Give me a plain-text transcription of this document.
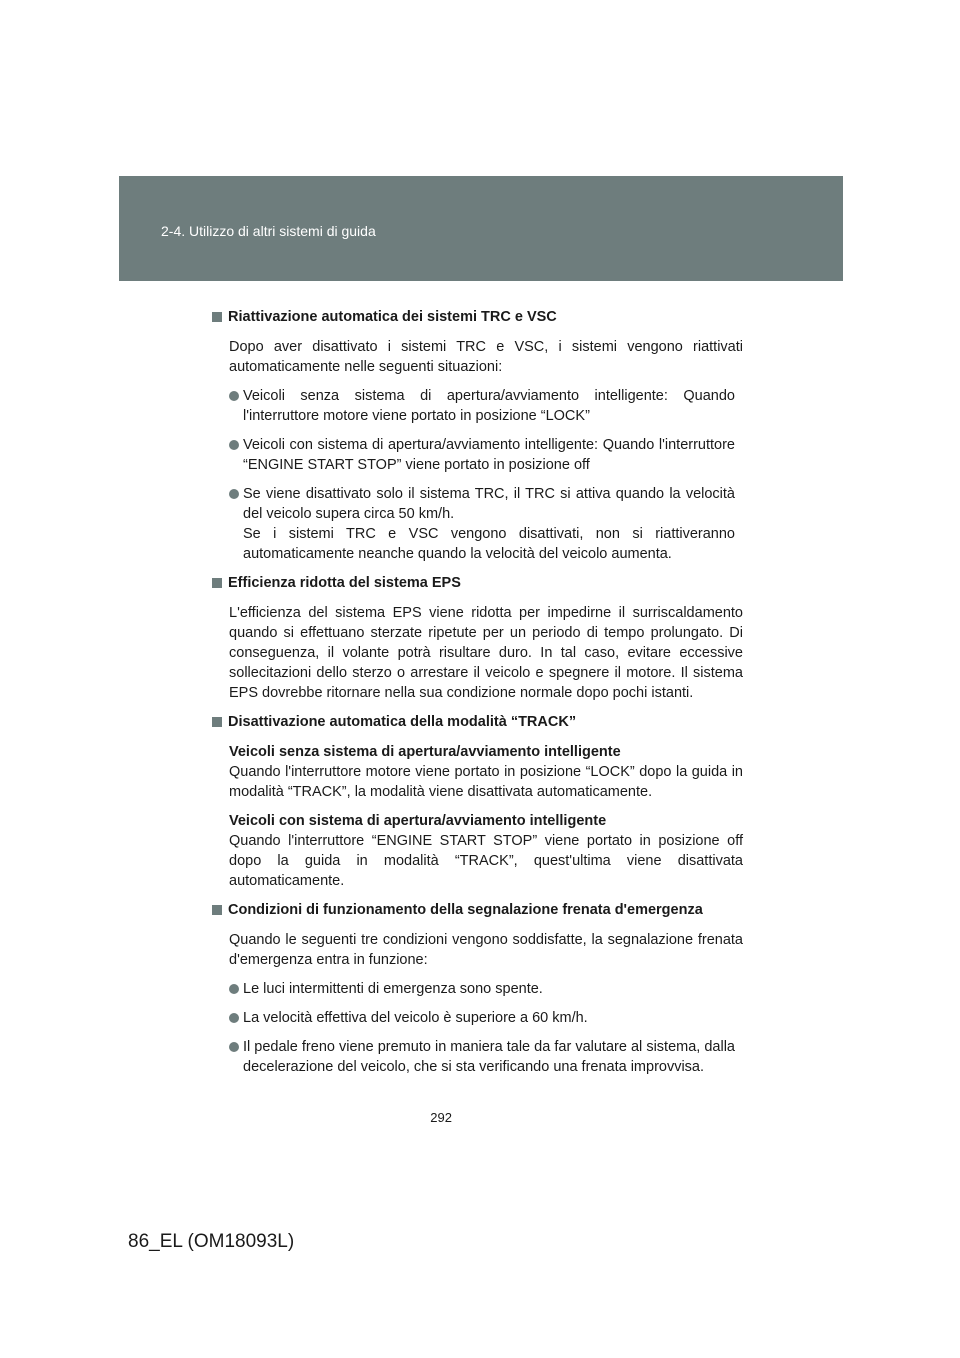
2-4. Utilizzo di altri sistemi di guida
Riattivazione automatica dei sistemi TRC e VSC
Dopo aver disattivato i sistemi TRC e VSC, i sistemi vengono riattivati automaticamente nelle seguenti situazioni:
Veicoli senza sistema di apertura/avviamento intelligente: Quando l'interruttore motore viene portato in posizione “LOCK”
Veicoli con sistema di apertura/avviamento intelligente: Quando l'interruttore “ENGINE START STOP” viene portato in posizione off
Se viene disattivato solo il sistema TRC, il TRC si attiva quando la velocità del veicolo supera circa 50 km/h.
Se i sistemi TRC e VSC vengono disattivati, non si riattiveranno automaticamente neanche quando la velocità del veicolo aumenta.
Efficienza ridotta del sistema EPS
L'efficienza del sistema EPS viene ridotta per impedirne il surriscaldamento quando si effettuano sterzate ripetute per un periodo di tempo prolungato. Di conseguenza, il volante potrà risultare duro. In tal caso, evitare eccessive sollecitazioni dello sterzo o arrestare il veicolo e spegnere il motore. Il sistema EPS dovrebbe ritornare nella sua condizione normale dopo pochi istanti.
Disattivazione automatica della modalità “TRACK”
Veicoli senza sistema di apertura/avviamento intelligente
Quando l'interruttore motore viene portato in posizione “LOCK” dopo la guida in modalità “TRACK”, la modalità viene disattivata automaticamente.
Veicoli con sistema di apertura/avviamento intelligente
Quando l'interruttore “ENGINE START STOP” viene portato in posizione off dopo la guida in modalità “TRACK”, quest'ultima viene disattivata automaticamente.
Condizioni di funzionamento della segnalazione frenata d'emergenza
Quando le seguenti tre condizioni vengono soddisfatte, la segnalazione frenata d'emergenza entra in funzione:
Le luci intermittenti di emergenza sono spente.
La velocità effettiva del veicolo è superiore a 60 km/h.
Il pedale freno viene premuto in maniera tale da far valutare al sistema, dalla decelerazione del veicolo, che si sta verificando una frenata improvvisa.
292
86_EL (OM18093L)
